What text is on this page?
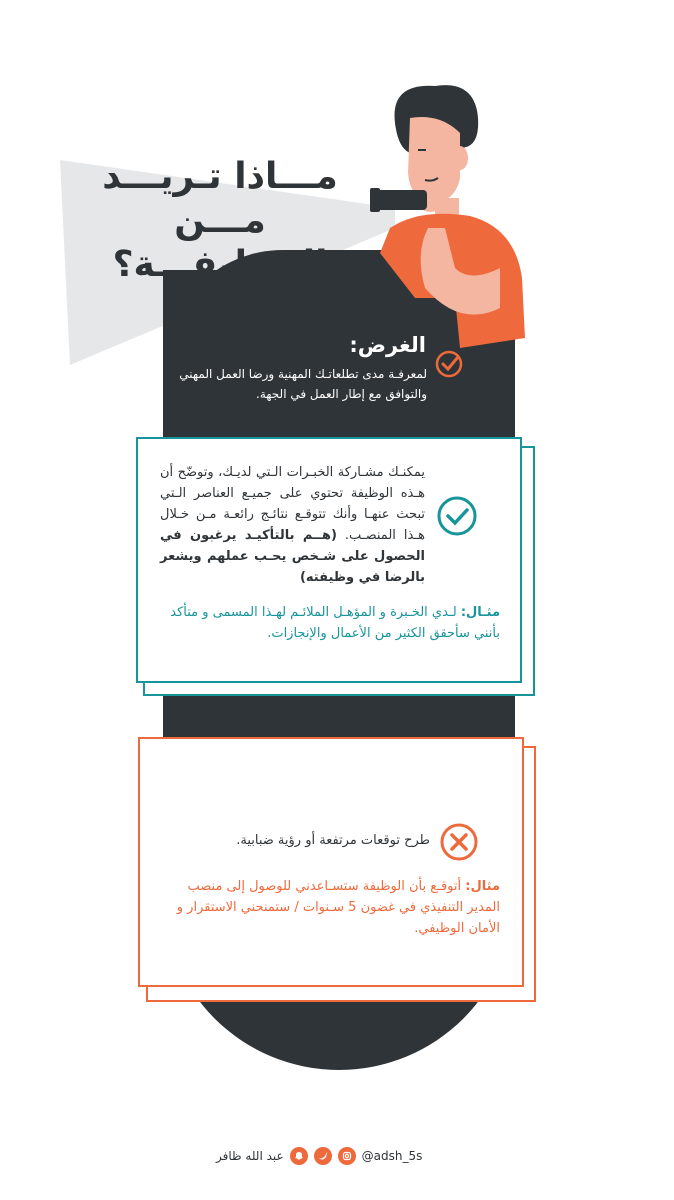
مـــاذا تـريـــد
مـــن الـوظيفـــة؟
الغرض:
لمعرفـة مدى تطلعاتـك المهنية ورضا العمل المهني والتوافق مع إطار العمل في الجهة.
يمكنـك مشـاركة الخبـرات الـتي لديـك، وتوضّح أن هـذه الوظيفة تحتوي على جميـع العناصر الـتي تبحث عنهـا وأنك تتوقـع نتائـج رائعـة مـن خـلال هـذا المنصـب. (هــم بالتأكيـد يرغبون في الحصول على شـخص يحـب عملهم ويشعر بالرضا في وظيفته)
مثـال: لـدي الخـبرة و المؤهـل الملائـم لهـذا المسمى و متأكد بأنني سأحقق الكثير من الأعمال والإنجازات.
طرح توقعات مرتفعة أو رؤية ضبابية.
مثال: أتوقـع بأن الوظيفة ستسـاعدني للوصول إلى منصب المدير التنفيذي في غضون 5 سـنوات / ستمنحني الاستقرار و الأمان الوظيفي.
عبد الله ظافر	@adsh_5s
